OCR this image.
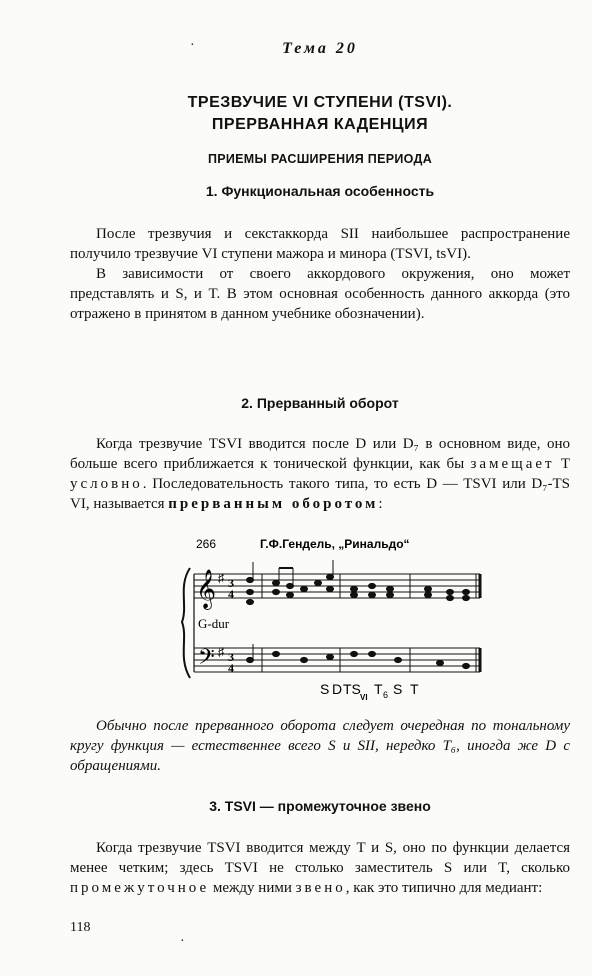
Тема 20
ТРЕЗВУЧИЕ VI СТУПЕНИ (TSVI).
ПРЕРВАННАЯ КАДЕНЦИЯ
ПРИЕМЫ РАСШИРЕНИЯ ПЕРИОДА
1. Функциональная особенность

После трезвучия и секстаккорда SII наибольшее распространение получило трезвучие VI ступени мажора и минора (TSVI, tsVI).

В зависимости от своего аккордового окружения, оно может представлять и S, и T. В этом основная особенность данного аккорда (это отражено в принятом в данном учебнике обозначении).

2. Прерванный оборот

Когда трезвучие TSVI вводится после D или D₇ в основном виде, оно больше всего приближается к тонической функции, как бы замещает T условно. Последовательность такого типа, то есть D — TSVI или D₇-TS VI, называется прерванным оборотом:

266	Г.Ф.Гендель, „Ринальдо“
𝄞
𝄢
♯
♯
3
4
3
4
G-dur
S D TS
VI
T 6 S T

Обычно после прерванного оборота следует очередная по тональному кругу функция — естественнее всего S и SII, нередко T₆, иногда же D с обращениями.

3. TSVI — промежуточное звено

Когда трезвучие TSVI вводится между T и S, оно по функции делается менее четким; здесь TSVI не столько заместитель S или T, сколько промежуточное между ними звено, как это типично для медиант:

118
·
·
